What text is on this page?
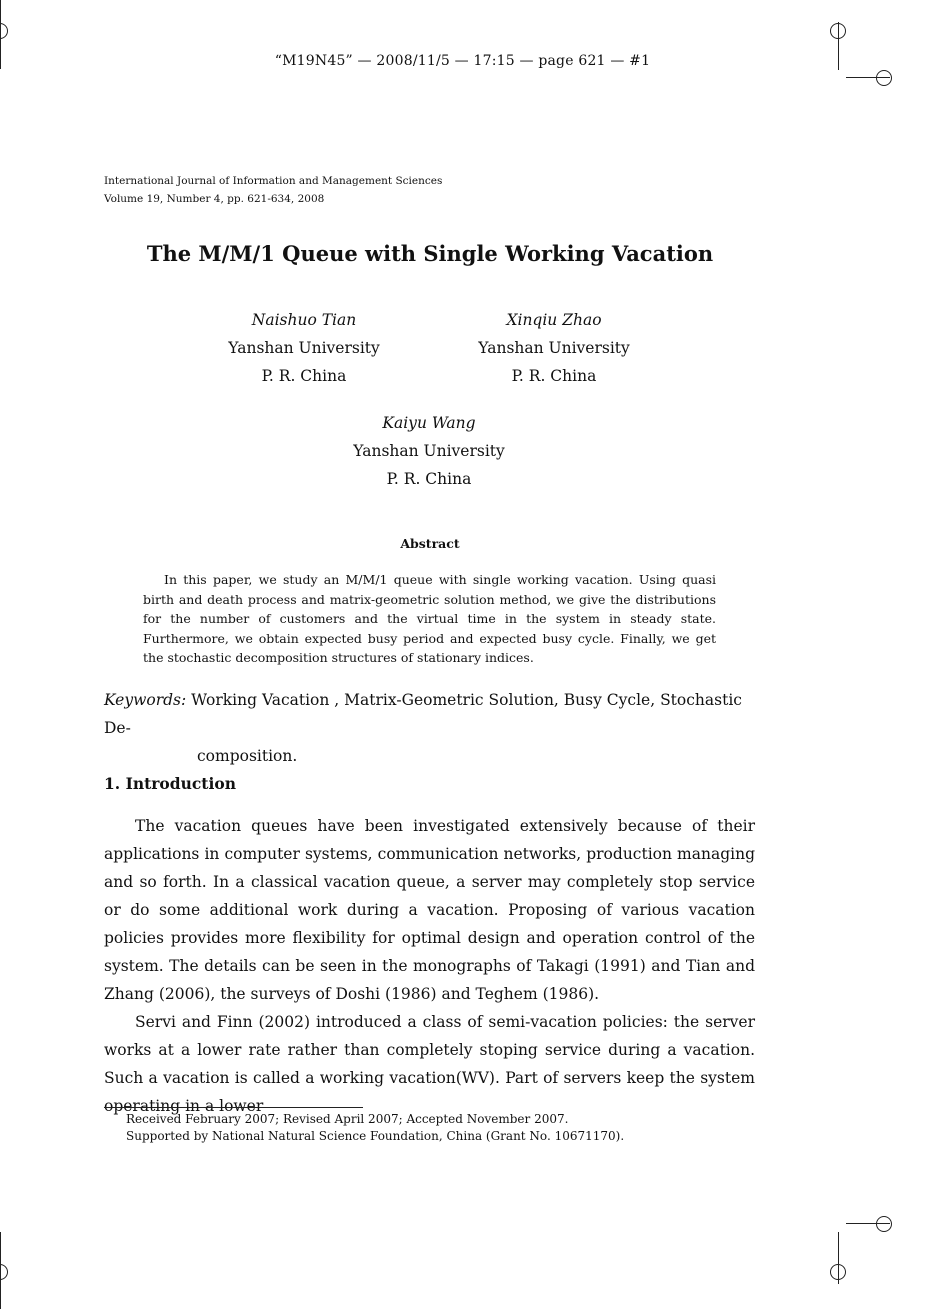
“M19N45” — 2008/11/5 — 17:15 — page 621 — #1
International Journal of Information and Management Sciences
Volume 19, Number 4, pp. 621-634, 2008
The M/M/1 Queue with Single Working Vacation
Naishuo Tian
Yanshan University
P. R. China
Xinqiu Zhao
Yanshan University
P. R. China
Kaiyu Wang
Yanshan University
P. R. China
Abstract
In this paper, we study an M/M/1 queue with single working vacation. Using quasi birth and death process and matrix-geometric solution method, we give the distributions for the number of customers and the virtual time in the system in steady state. Furthermore, we obtain expected busy period and expected busy cycle. Finally, we get the stochastic decomposition structures of stationary indices.
Keywords: Working Vacation , Matrix-Geometric Solution, Busy Cycle, Stochastic De-
composition.
1. Introduction

The vacation queues have been investigated extensively because of their applications in computer systems, communication networks, production managing and so forth. In a classical vacation queue, a server may completely stop service or do some additional work during a vacation. Proposing of various vacation policies provides more flexibility for optimal design and operation control of the system. The details can be seen in the monographs of Takagi (1991) and Tian and Zhang (2006), the surveys of Doshi (1986) and Teghem (1986).

Servi and Finn (2002) introduced a class of semi-vacation policies: the server works at a lower rate rather than completely stoping service during a vacation. Such a vacation is called a working vacation(WV). Part of servers keep the system operating in a lower

Received February 2007; Revised April 2007; Accepted November 2007.
Supported by National Natural Science Foundation, China (Grant No. 10671170).
